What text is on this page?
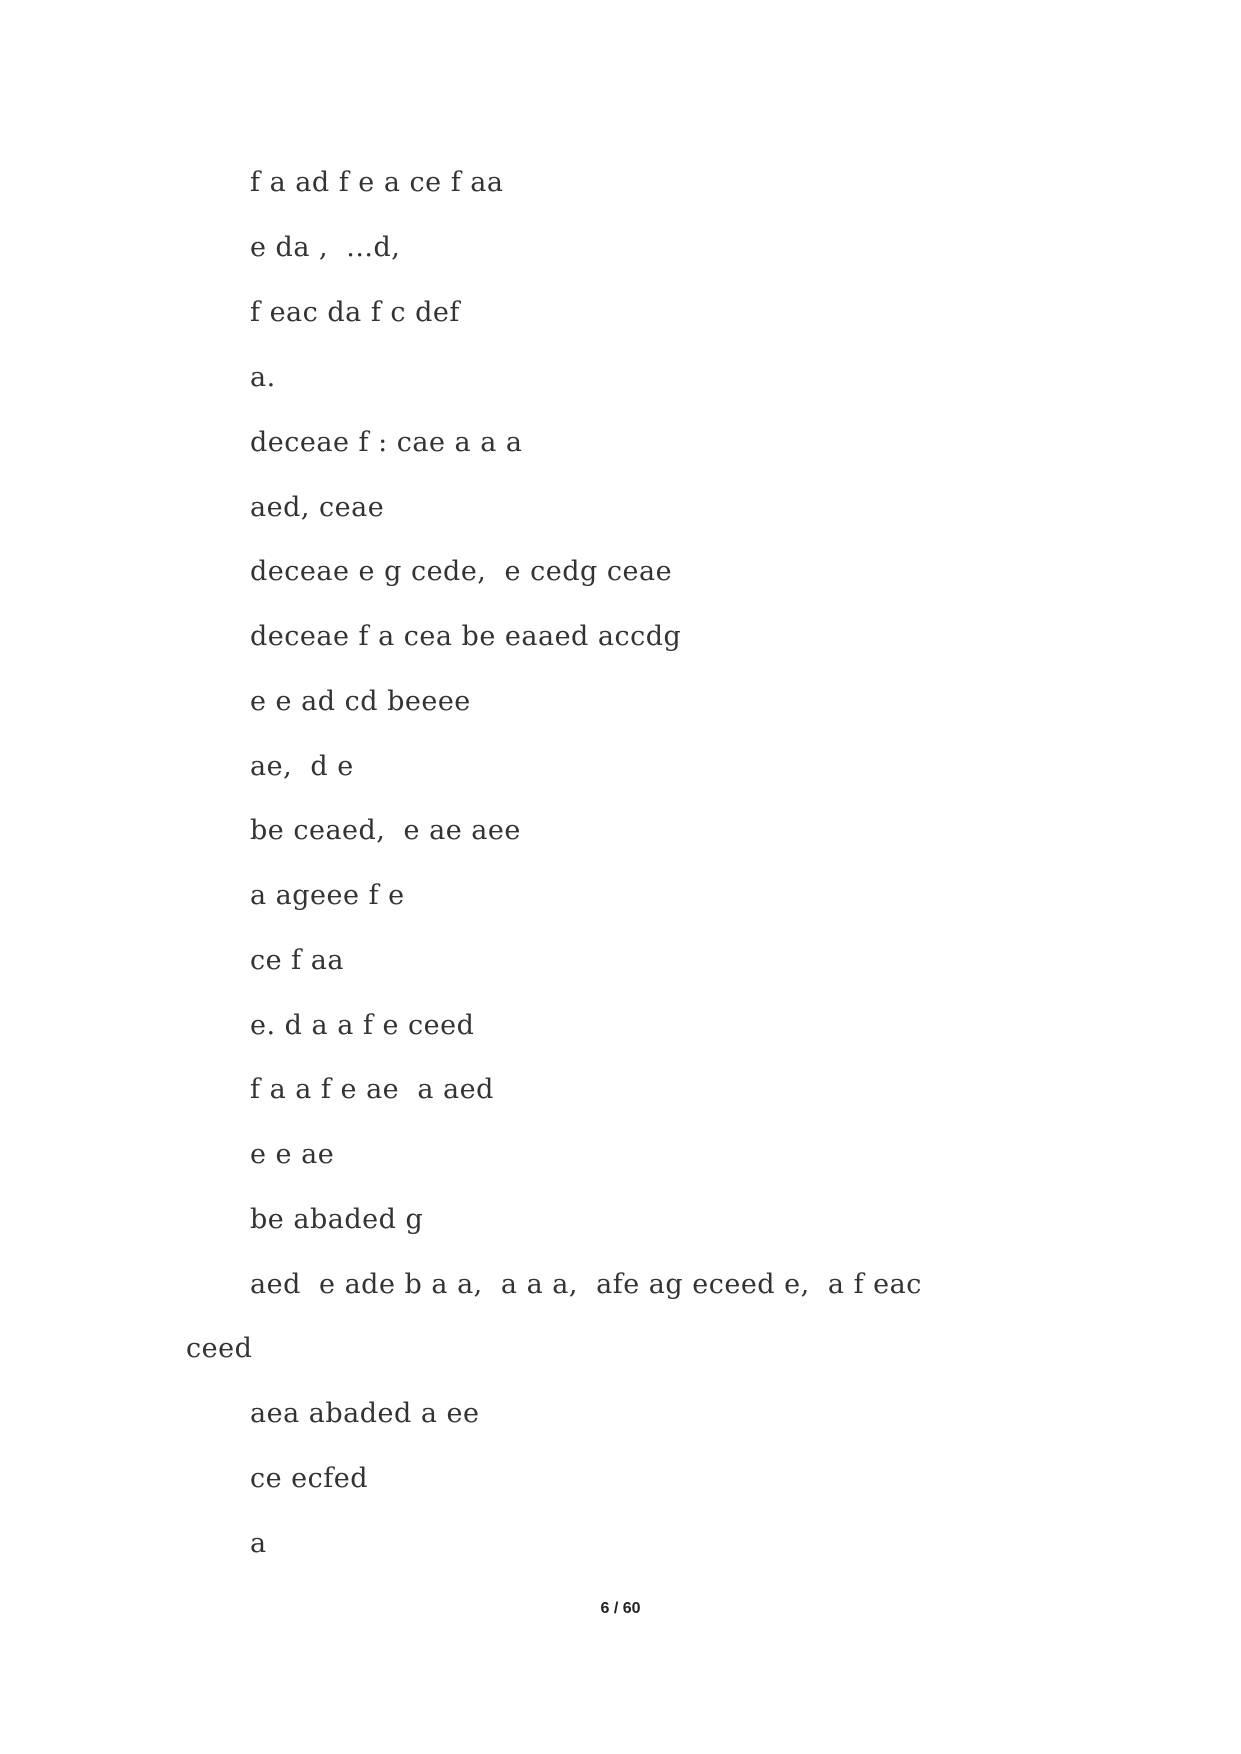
f a ad f e a ce f aa
e da ,  ...d,
f eac da f c def
a.
deceae f : cae a a a
aed, ceae
deceae e g cede,  e cedg ceae
deceae f a cea be eaaed accdg
e e ad cd beeee
ae,  d e
be ceaed,  e ae aee
a ageee f e
ce f aa
e. d a a f e ceed
f a a f e ae  a aed
e e ae
be abaded g
aed  e ade b a a,  a a a,  afe ag eceed e,  a f eac
ceed
aea abaded a ee
ce ecfed
a
6 / 60
